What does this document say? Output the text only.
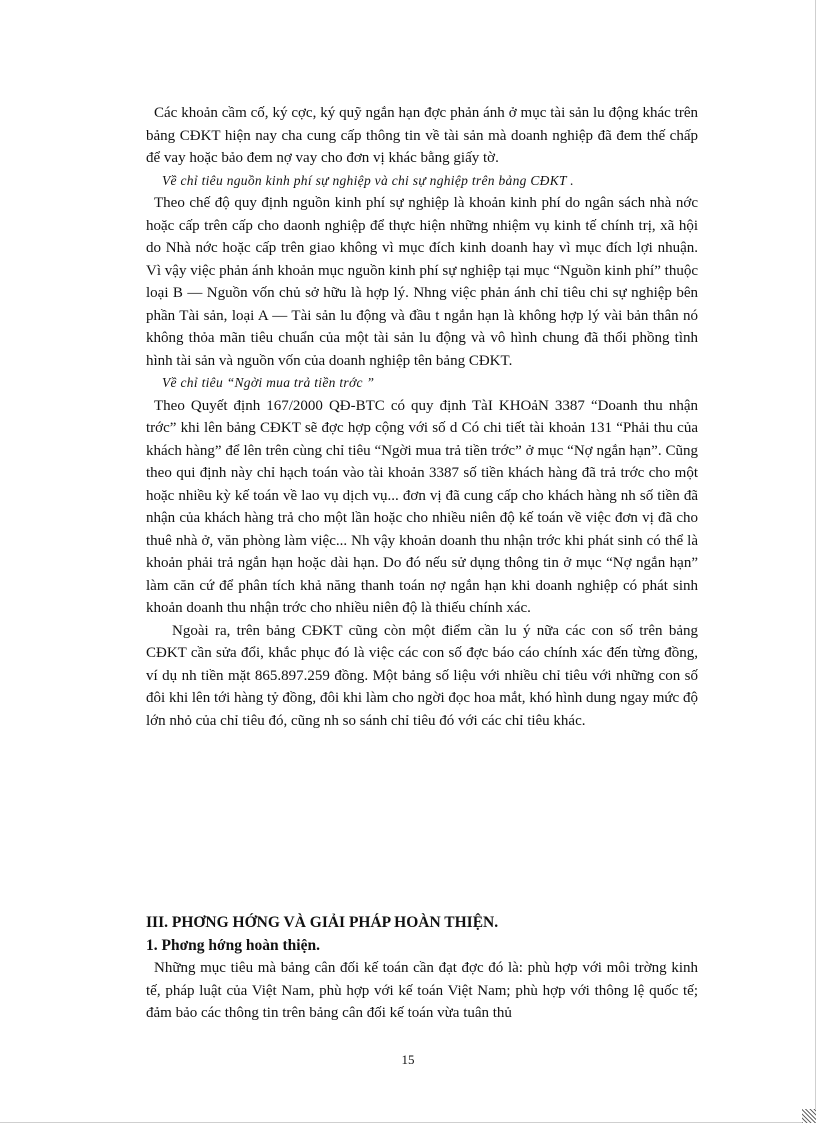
Các khoản cầm cố, ký cợc, ký quỹ ngắn hạn đợc phản ánh ở mục tài sản lu động khác trên bảng CĐKT hiện nay cha cung cấp thông tin về tài sản mà doanh nghiệp đã đem thế chấp để vay hoặc bảo đem nợ vay cho đơn vị khác bằng giấy tờ.

Về chỉ tiêu nguồn kinh phí sự nghiệp và chi sự nghiệp trên bảng CĐKT .

Theo chế độ quy định nguồn kinh phí sự nghiệp là khoản kinh phí do ngân sách nhà nớc hoặc cấp trên cấp cho daonh nghiệp để thực hiện những nhiệm vụ kinh tế chính trị, xã hội do Nhà nớc hoặc cấp trên giao không vì mục đích kinh doanh hay vì mục đích lợi nhuận. Vì vậy việc phản ánh khoản mục nguồn kinh phí sự nghiệp tại mục “Nguồn kinh phí” thuộc loại B — Nguồn vốn chủ sở hữu là hợp lý. Nhng việc phản ánh chỉ tiêu chi sự nghiệp bên phần Tài sản, loại A — Tài sản lu động và đầu t ngắn hạn là không hợp lý vài bản thân nó không thỏa mãn tiêu chuẩn của một tài sản lu động và vô hình chung đã thổi phồng tình hình tài sản và nguồn vốn của doanh nghiệp tên bảng CĐKT.

Về chỉ tiêu “Ngời mua trả tiền trớc ”

Theo Quyết định 167/2000 QĐ-BTC có quy định TàI KHOảN 3387 “Doanh thu nhận trớc” khi lên bảng CĐKT sẽ đợc hợp cộng với số d Có chi tiết tài khoản 131 “Phải thu của khách hàng” để lên trên cùng chỉ tiêu “Ngời mua trả tiền trớc” ở mục “Nợ ngắn hạn”. Cũng theo qui định này chỉ hạch toán vào tài khoản 3387 số tiền khách hàng đã trả trớc cho một hoặc nhiều kỳ kế toán về lao vụ dịch vụ... đơn vị đã cung cấp cho khách hàng nh số tiền đã nhận của khách hàng trả cho một lần hoặc cho nhiều niên độ kế toán về việc đơn vị đã cho thuê nhà ở, văn phòng làm việc... Nh vậy khoản doanh thu nhận trớc khi phát sinh có thể là khoản phải trả ngắn hạn hoặc dài hạn. Do đó nếu sử dụng thông tin ở mục “Nợ ngắn hạn” làm căn cứ để phân tích khả năng thanh toán nợ ngắn hạn khi doanh nghiệp có phát sinh khoản doanh thu nhận trớc cho nhiều niên độ là thiếu chính xác.

Ngoài ra, trên bảng CĐKT cũng còn một điểm cần lu ý nữa các con số trên bảng CĐKT cần sửa đổi, khắc phục đó là việc các con số đợc báo cáo chính xác đến từng đồng, ví dụ nh tiền mặt 865.897.259 đồng. Một bảng số liệu với nhiều chỉ tiêu với những con số đôi khi lên tới hàng tỷ đồng, đôi khi làm cho ngời đọc hoa mắt, khó hình dung ngay mức độ lớn nhỏ của chỉ tiêu đó, cũng nh so sánh chỉ tiêu đó với các chỉ tiêu khác.

III. PHƠNG HỚNG VÀ GIẢI PHÁP HOÀN THIỆN.

1. Phơng hớng hoàn thiện.

Những mục tiêu mà bảng cân đối kế toán cần đạt đợc đó là: phù hợp với môi trờng kinh tế, pháp luật của Việt Nam, phù hợp với kế toán Việt Nam; phù hợp với thông lệ quốc tế; đảm bảo các thông tin trên bảng cân đối kế toán vừa tuân thủ

15
